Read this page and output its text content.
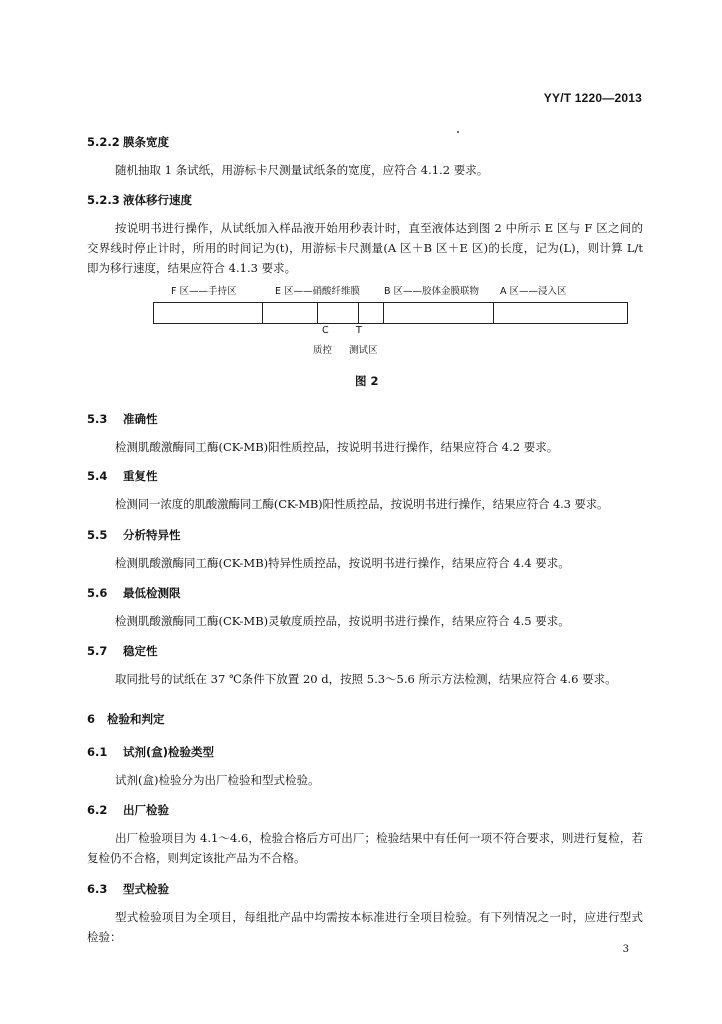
YY/T 1220—2013
5.2.2 膜条宽度
随机抽取 1 条试纸，用游标卡尺测量试纸条的宽度，应符合 4.1.2 要求。
5.2.3 液体移行速度
按说明书进行操作，从试纸加入样品液开始用秒表计时，直至液体达到图 2 中所示 E 区与 F 区之间的交界线时停止计时，所用的时间记为(t)，用游标卡尺测量(A 区＋B 区＋E 区)的长度，记为(L)，则计算 L/t 即为移行速度，结果应符合 4.1.3 要求。
F 区——手持区	E 区——硝酸纤维膜	B 区——胶体金膜联物 A 区——浸入区
C	T
质控 测试区
图 2
5.3 准确性
检测肌酸激酶同工酶(CK-MB)阳性质控品，按说明书进行操作，结果应符合 4.2 要求。
5.4 重复性
检测同一浓度的肌酸激酶同工酶(CK-MB)阳性质控品，按说明书进行操作，结果应符合 4.3 要求。
5.5 分析特异性
检测肌酸激酶同工酶(CK-MB)特异性质控品，按说明书进行操作，结果应符合 4.4 要求。
5.6 最低检测限
检测肌酸激酶同工酶(CK-MB)灵敏度质控品，按说明书进行操作，结果应符合 4.5 要求。
5.7 稳定性
取同批号的试纸在 37 ℃条件下放置 20 d，按照 5.3～5.6 所示方法检测，结果应符合 4.6 要求。
6 检验和判定
6.1 试剂(盒)检验类型
试剂(盒)检验分为出厂检验和型式检验。
6.2 出厂检验
出厂检验项目为 4.1～4.6，检验合格后方可出厂；检验结果中有任何一项不符合要求，则进行复检，若复检仍不合格，则判定该批产品为不合格。
6.3 型式检验
型式检验项目为全项目，每组批产品中均需按本标准进行全项目检验。有下列情况之一时，应进行型式检验：
3
